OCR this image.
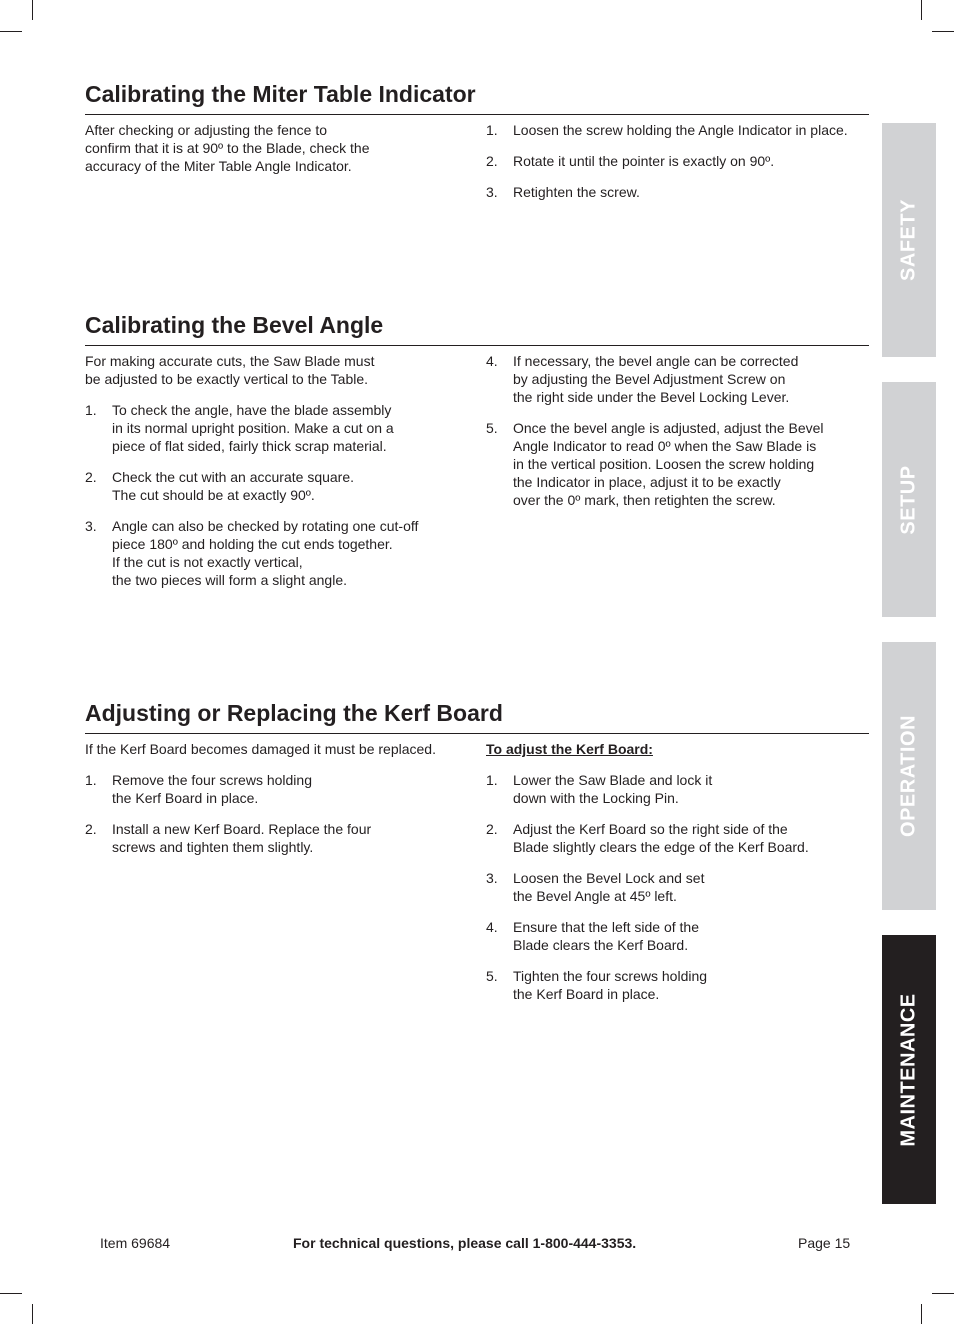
Calibrating the Miter Table Indicator

After checking or adjusting the fence to
confirm that it is at 90º to the Blade, check the
accuracy of the Miter Table Angle Indicator.

1. Loosen the screw holding the Angle Indicator in place.
2. Rotate it until the pointer is exactly on 90º.
3. Retighten the screw.
Calibrating the Bevel Angle

For making accurate cuts, the Saw Blade must
be adjusted to be exactly vertical to the Table.

1. To check the angle, have the blade assembly
in its normal upright position. Make a cut on a
piece of flat sided, fairly thick scrap material.
2. Check the cut with an accurate square.
The cut should be at exactly 90º.
3. Angle can also be checked by rotating one cut-off
piece 180º and holding the cut ends together.
If the cut is not exactly vertical,
the two pieces will form a slight angle.
4. If necessary, the bevel angle can be corrected
by adjusting the Bevel Adjustment Screw on
the right side under the Bevel Locking Lever.
5. Once the bevel angle is adjusted, adjust the Bevel
Angle Indicator to read 0º when the Saw Blade is
in the vertical position. Loosen the screw holding
the Indicator in place, adjust it to be exactly
over the 0º mark, then retighten the screw.
Adjusting or Replacing the Kerf Board

If the Kerf Board becomes damaged it must be replaced.

1. Remove the four screws holding
the Kerf Board in place.
2. Install a new Kerf Board. Replace the four
screws and tighten them slightly.

To adjust the Kerf Board:

1. Lower the Saw Blade and lock it
down with the Locking Pin.
2. Adjust the Kerf Board so the right side of the
Blade slightly clears the edge of the Kerf Board.
3. Loosen the Bevel Lock and set
the Bevel Angle at 45º left.
4. Ensure that the left side of the
Blade clears the Kerf Board.
5. Tighten the four screws holding
the Kerf Board in place.
SAFETY
SETUP
OPERATION
MAINTENANCE
Item 69684	For technical questions, please call 1-800-444-3353.	Page 15
